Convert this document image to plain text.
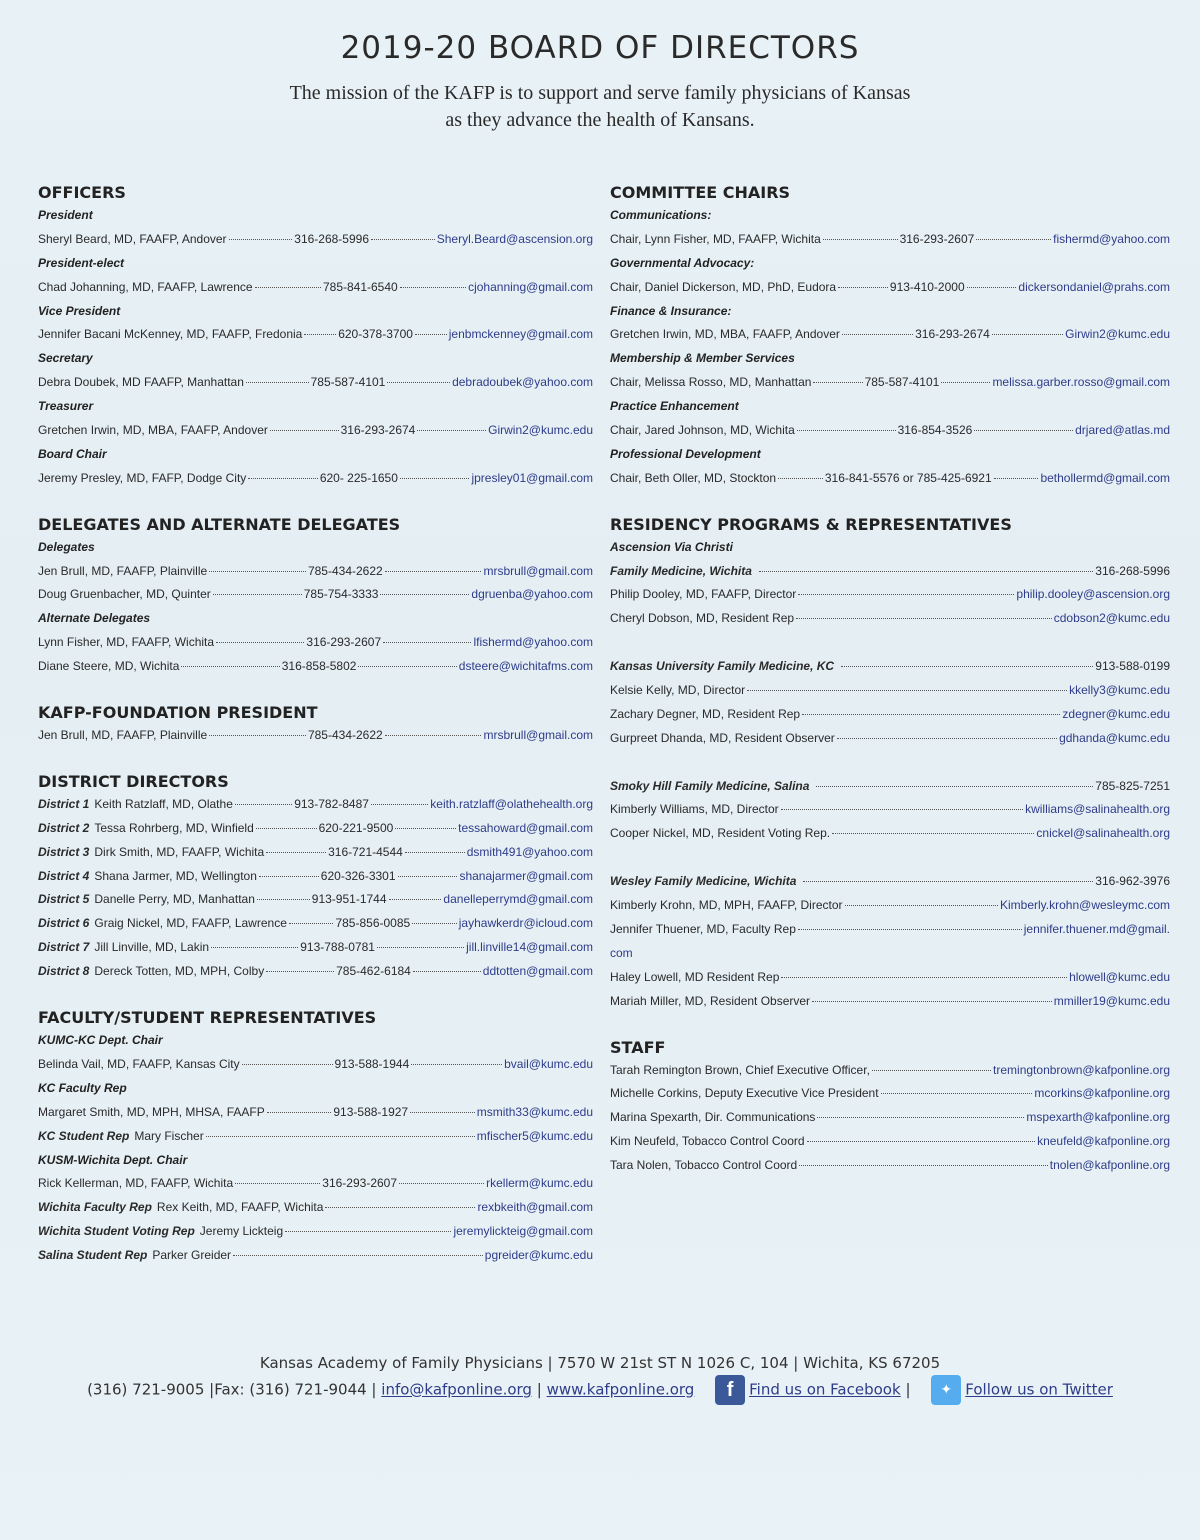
2019-20 BOARD OF DIRECTORS
The mission of the KAFP is to support and serve family physicians of Kansas
as they advance the health of Kansans.
OFFICERS
President
Sheryl Beard, MD, FAAFP, Andover	316-268-5996	Sheryl.Beard@ascension.org
President-elect
Chad Johanning, MD, FAAFP, Lawrence	785-841-6540	cjohanning@gmail.com
Vice President
Jennifer Bacani McKenney, MD, FAAFP, Fredonia	620-378-3700	jenbmckenney@gmail.com
Secretary
Debra Doubek, MD FAAFP, Manhattan	785-587-4101	debradoubek@yahoo.com
Treasurer
Gretchen Irwin, MD, MBA, FAAFP, Andover	316-293-2674	Girwin2@kumc.edu
Board Chair
Jeremy Presley, MD, FAFP, Dodge City	620- 225-1650	jpresley01@gmail.com
DELEGATES AND ALTERNATE DELEGATES
Delegates
Jen Brull, MD, FAAFP, Plainville	785-434-2622	mrsbrull@gmail.com
Doug Gruenbacher, MD, Quinter	785-754-3333	dgruenba@yahoo.com
Alternate Delegates
Lynn Fisher, MD, FAAFP, Wichita	316-293-2607	lfishermd@yahoo.com
Diane Steere, MD, Wichita	316-858-5802	dsteere@wichitafms.com
KAFP-FOUNDATION PRESIDENT
Jen Brull, MD, FAAFP, Plainville	785-434-2622	mrsbrull@gmail.com
DISTRICT DIRECTORS
District 1 Keith Ratzlaff, MD, Olathe	913-782-8487	keith.ratzlaff@olathehealth.org
District 2 Tessa Rohrberg, MD, Winfield	620-221-9500	tessahoward@gmail.com
District 3 Dirk Smith, MD, FAAFP, Wichita	316-721-4544	dsmith491@yahoo.com
District 4 Shana Jarmer, MD, Wellington	620-326-3301	shanajarmer@gmail.com
District 5 Danelle Perry, MD, Manhattan	913-951-1744	danelleperrymd@gmail.com
District 6 Graig Nickel, MD, FAAFP, Lawrence	785-856-0085	jayhawkerdr@icloud.com
District 7 Jill Linville, MD, Lakin	913-788-0781	jill.linville14@gmail.com
District 8 Dereck Totten, MD, MPH, Colby	785-462-6184	ddtotten@gmail.com
FACULTY/STUDENT REPRESENTATIVES
KUMC-KC Dept. Chair
Belinda Vail, MD, FAAFP, Kansas City	913-588-1944	bvail@kumc.edu
KC Faculty Rep
Margaret Smith, MD, MPH, MHSA, FAAFP	913-588-1927	msmith33@kumc.edu
KC Student Rep Mary Fischer	mfischer5@kumc.edu
KUSM-Wichita Dept. Chair
Rick Kellerman, MD, FAAFP, Wichita	316-293-2607	rkellerm@kumc.edu
Wichita Faculty Rep Rex Keith, MD, FAAFP, Wichita	rexbkeith@gmail.com
Wichita Student Voting Rep Jeremy Lickteig	jeremylickteig@gmail.com
Salina Student Rep Parker Greider	pgreider@kumc.edu
COMMITTEE CHAIRS
Communications:
Chair, Lynn Fisher, MD, FAAFP, Wichita	316-293-2607	fishermd@yahoo.com
Governmental Advocacy:
Chair, Daniel Dickerson, MD, PhD, Eudora	913-410-2000	dickersondaniel@prahs.com
Finance & Insurance:
Gretchen Irwin, MD, MBA, FAAFP, Andover	316-293-2674	Girwin2@kumc.edu
Membership & Member Services
Chair, Melissa Rosso, MD, Manhattan	785-587-4101	melissa.garber.rosso@gmail.com
Practice Enhancement
Chair, Jared Johnson, MD, Wichita	316-854-3526	drjared@atlas.md
Professional Development
Chair, Beth Oller, MD, Stockton	316-841-5576 or 785-425-6921	bethollermd@gmail.com
RESIDENCY PROGRAMS & REPRESENTATIVES
Ascension Via Christi
Family Medicine, Wichita	316-268-5996
Philip Dooley, MD, FAAFP, Director	philip.dooley@ascension.org
Cheryl Dobson, MD, Resident Rep	cdobson2@kumc.edu
Kansas University Family Medicine, KC	913-588-0199
Kelsie Kelly, MD, Director	kkelly3@kumc.edu
Zachary Degner, MD, Resident Rep	zdegner@kumc.edu
Gurpreet Dhanda, MD, Resident Observer	gdhanda@kumc.edu
Smoky Hill Family Medicine, Salina	785-825-7251
Kimberly Williams, MD, Director	kwilliams@salinahealth.org
Cooper Nickel, MD, Resident Voting Rep.	cnickel@salinahealth.org
Wesley Family Medicine, Wichita	316-962-3976
Kimberly Krohn, MD, MPH, FAAFP, Director	Kimberly.krohn@wesleymc.com
Jennifer Thuener, MD, Faculty Rep	jennifer.thuener.md@gmail.
com
Haley Lowell, MD Resident Rep	hlowell@kumc.edu
Mariah Miller, MD, Resident Observer	mmiller19@kumc.edu
STAFF
Tarah Remington Brown, Chief Executive Officer,	tremingtonbrown@kafponline.org
Michelle Corkins, Deputy Executive Vice President	mcorkins@kafponline.org
Marina Spexarth, Dir. Communications	mspexarth@kafponline.org
Kim Neufeld, Tobacco Control Coord	kneufeld@kafponline.org
Tara Nolen, Tobacco Control Coord	tnolen@kafponline.org
Kansas Academy of Family Physicians | 7570 W 21st ST N 1026 C, 104 | Wichita, KS 67205
(316) 721-9005 |Fax: (316) 721-9044 | info@kafponline.org | www.kafponline.org f Find us on Facebook | ✦ Follow us on Twitter
